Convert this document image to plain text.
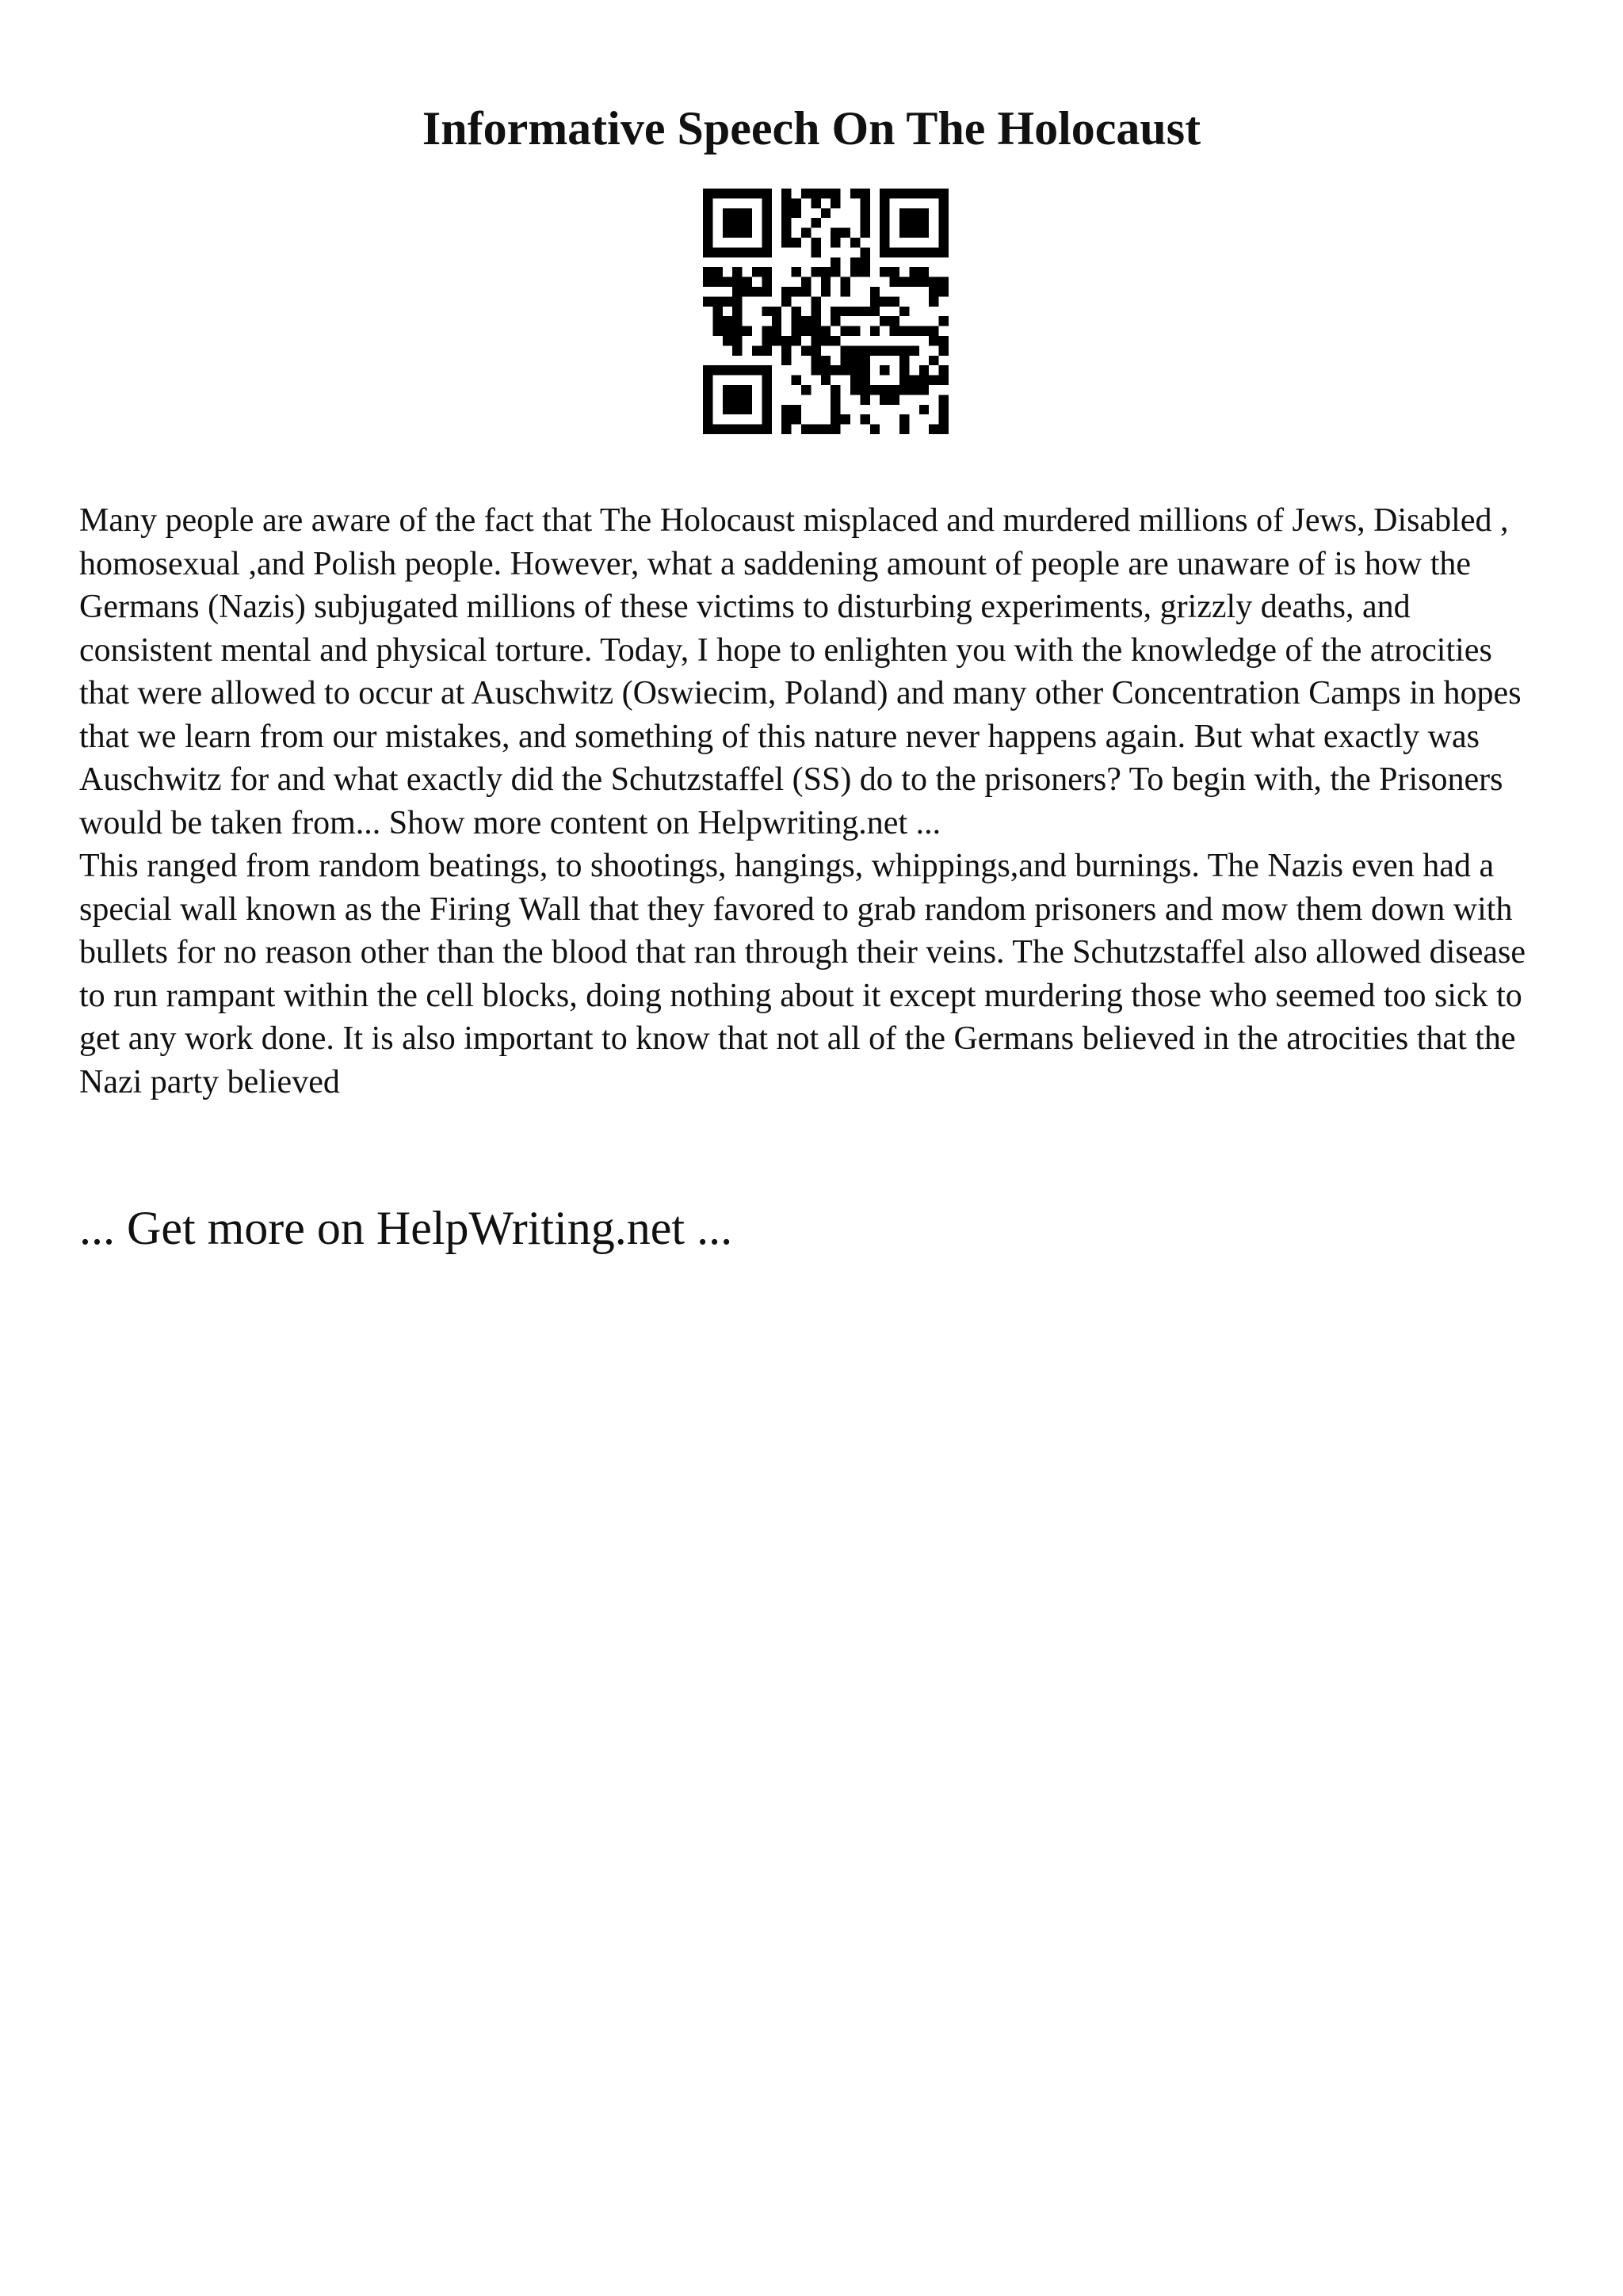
Informative Speech On The Holocaust

Many people are aware of the fact that The Holocaust misplaced and murdered millions of Jews, Disabled , homosexual ,and Polish people. However, what a saddening amount of people are unaware of is how the Germans (Nazis) subjugated millions of these victims to disturbing experiments, grizzly deaths, and consistent mental and physical torture. Today, I hope to enlighten you with the knowledge of the atrocities that were allowed to occur at Auschwitz (Oswiecim, Poland) and many other Concentration Camps in hopes that we learn from our mistakes, and something of this nature never happens again. But what exactly was Auschwitz for and what exactly did the Schutzstaffel (SS) do to the prisoners? To begin with, the Prisoners would be taken from... Show more content on Helpwriting.net ...

This ranged from random beatings, to shootings, hangings, whippings,and burnings. The Nazis even had a special wall known as the Firing Wall that they favored to grab random prisoners and mow them down with bullets for no reason other than the blood that ran through their veins. The Schutzstaffel also allowed disease to run rampant within the cell blocks, doing nothing about it except murdering those who seemed too sick to get any work done. It is also important to know that not all of the Germans believed in the atrocities that the Nazi party believed

... Get more on HelpWriting.net ...
